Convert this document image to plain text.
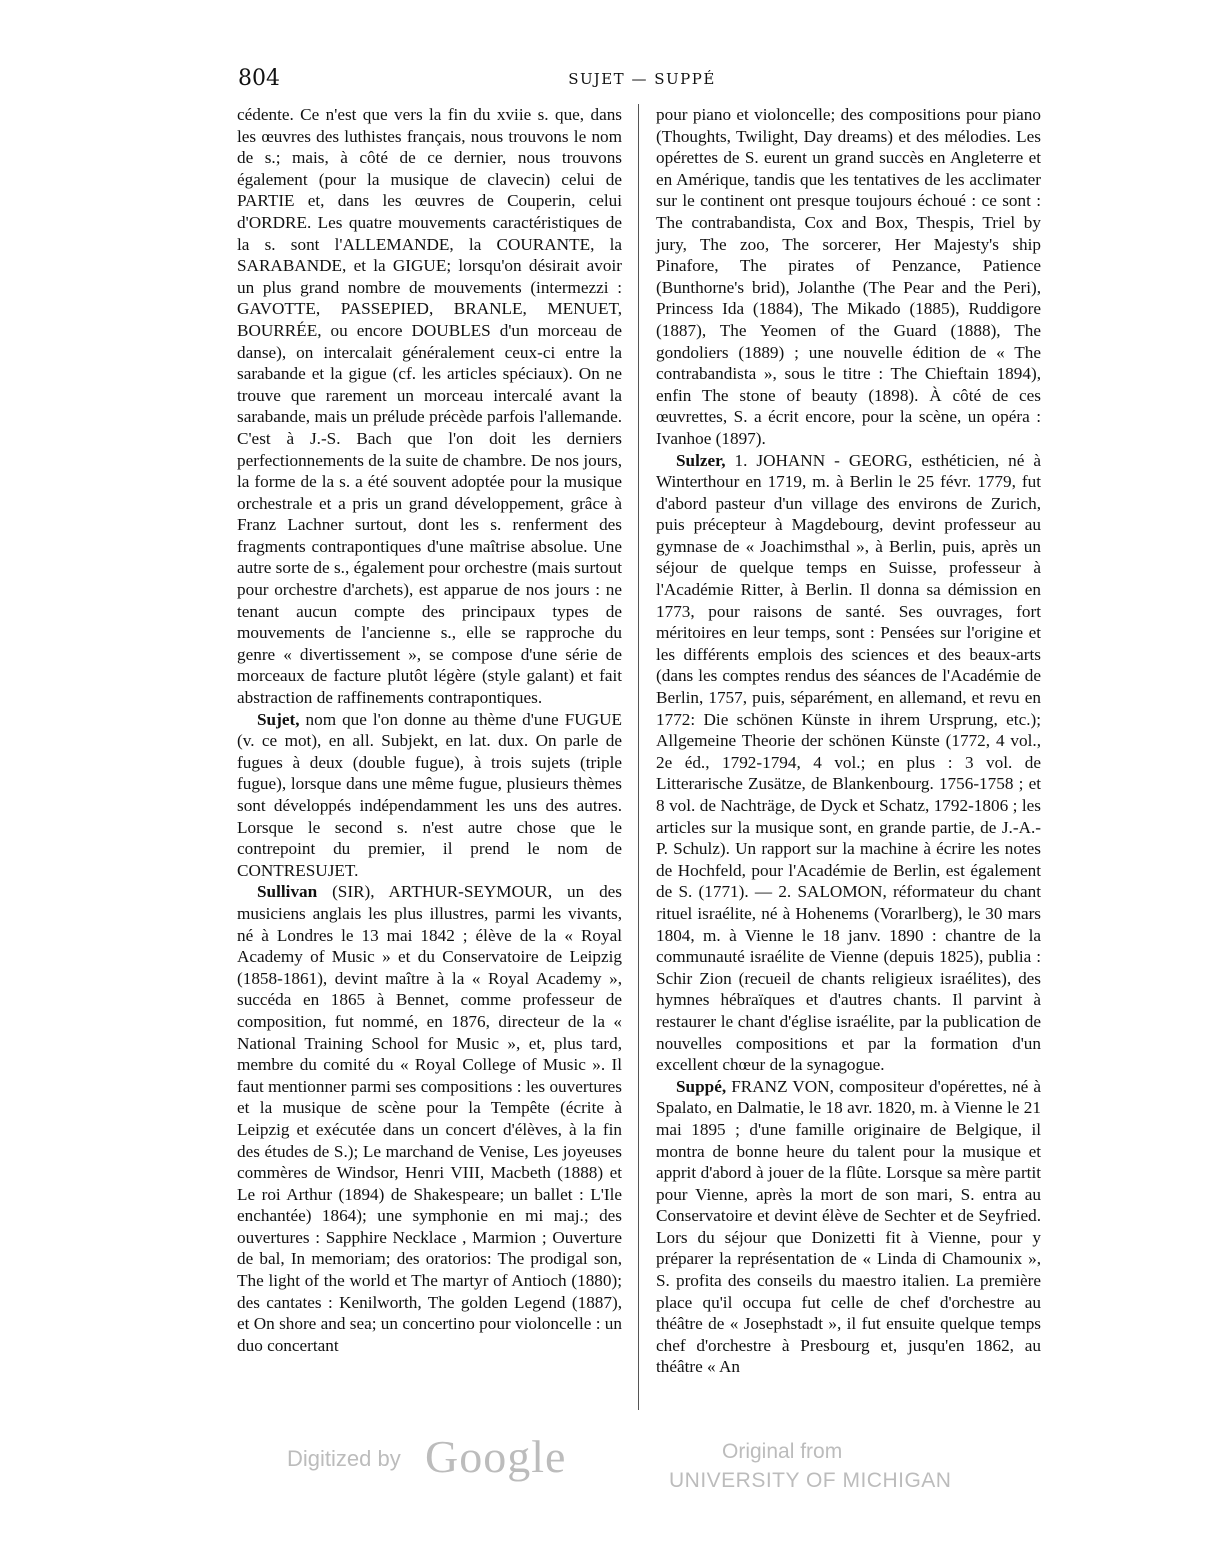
804	SUJET — SUPPÉ

cédente. Ce n'est que vers la fin du xviie s. que, dans les œuvres des luthistes français, nous trouvons le nom de s.; mais, à côté de ce dernier, nous trouvons également (pour la musique de clavecin) celui de PARTIE et, dans les œuvres de Couperin, celui d'ORDRE. Les quatre mouvements caractéristiques de la s. sont l'ALLEMANDE, la COURANTE, la SARABANDE, et la GIGUE; lorsqu'on désirait avoir un plus grand nombre de mouvements (intermezzi : GAVOTTE, PASSEPIED, BRANLE, MENUET, BOURRÉE, ou encore DOUBLES d'un morceau de danse), on intercalait généralement ceux-ci entre la sarabande et la gigue (cf. les articles spéciaux). On ne trouve que rarement un morceau intercalé avant la sarabande, mais un prélude précède parfois l'allemande. C'est à J.-S. Bach que l'on doit les derniers perfectionnements de la suite de chambre. De nos jours, la forme de la s. a été souvent adoptée pour la musique orchestrale et a pris un grand développement, grâce à Franz Lachner surtout, dont les s. renferment des fragments contrapontiques d'une maîtrise absolue. Une autre sorte de s., également pour orchestre (mais surtout pour orchestre d'archets), est apparue de nos jours : ne tenant aucun compte des principaux types de mouvements de l'ancienne s., elle se rapproche du genre « divertissement », se compose d'une série de morceaux de facture plutôt légère (style galant) et fait abstraction de raffinements contrapontiques.

Sujet, nom que l'on donne au thème d'une FUGUE (v. ce mot), en all. Subjekt, en lat. dux. On parle de fugues à deux (double fugue), à trois sujets (triple fugue), lorsque dans une même fugue, plusieurs thèmes sont développés indépendamment les uns des autres. Lorsque le second s. n'est autre chose que le contrepoint du premier, il prend le nom de CONTRESUJET.

Sullivan (SIR), ARTHUR-SEYMOUR, un des musiciens anglais les plus illustres, parmi les vivants, né à Londres le 13 mai 1842 ; élève de la « Royal Academy of Music » et du Conservatoire de Leipzig (1858-1861), devint maître à la « Royal Academy », succéda en 1865 à Bennet, comme professeur de composition, fut nommé, en 1876, directeur de la « National Training School for Music », et, plus tard, membre du comité du « Royal College of Music ». Il faut mentionner parmi ses compositions : les ouvertures et la musique de scène pour la Tempête (écrite à Leipzig et exécutée dans un concert d'élèves, à la fin des études de S.); Le marchand de Venise, Les joyeuses commères de Windsor, Henri VIII, Macbeth (1888) et Le roi Arthur (1894) de Shakespeare; un ballet : L'Ile enchantée) 1864); une symphonie en mi maj.; des ouvertures : Sapphire Necklace , Marmion ; Ouverture de bal, In memoriam; des oratorios: The prodigal son, The light of the world et The martyr of Antioch (1880); des cantates : Kenilworth, The golden Legend (1887), et On shore and sea; un concertino pour violoncelle : un duo concertant

pour piano et violoncelle; des compositions pour piano (Thoughts, Twilight, Day dreams) et des mélodies. Les opérettes de S. eurent un grand succès en Angleterre et en Amérique, tandis que les tentatives de les acclimater sur le continent ont presque toujours échoué : ce sont : The contrabandista, Cox and Box, Thespis, Triel by jury, The zoo, The sorcerer, Her Majesty's ship Pinafore, The pirates of Penzance, Patience (Bunthorne's brid), Jolanthe (The Pear and the Peri), Princess Ida (1884), The Mikado (1885), Ruddigore (1887), The Yeomen of the Guard (1888), The gondoliers (1889) ; une nouvelle édition de « The contrabandista », sous le titre : The Chieftain 1894), enfin The stone of beauty (1898). À côté de ces œuvrettes, S. a écrit encore, pour la scène, un opéra : Ivanhoe (1897).

Sulzer, 1. JOHANN - GEORG, esthéticien, né à Winterthour en 1719, m. à Berlin le 25 févr. 1779, fut d'abord pasteur d'un village des environs de Zurich, puis précepteur à Magdebourg, devint professeur au gymnase de « Joachimsthal », à Berlin, puis, après un séjour de quelque temps en Suisse, professeur à l'Académie Ritter, à Berlin. Il donna sa démission en 1773, pour raisons de santé. Ses ouvrages, fort méritoires en leur temps, sont : Pensées sur l'origine et les différents emplois des sciences et des beaux-arts (dans les comptes rendus des séances de l'Académie de Berlin, 1757, puis, séparément, en allemand, et revu en 1772: Die schönen Künste in ihrem Ursprung, etc.); Allgemeine Theorie der schönen Künste (1772, 4 vol., 2e éd., 1792-1794, 4 vol.; en plus : 3 vol. de Litterarische Zusätze, de Blankenbourg. 1756-1758 ; et 8 vol. de Nachträge, de Dyck et Schatz, 1792-1806 ; les articles sur la musique sont, en grande partie, de J.-A.-P. Schulz). Un rapport sur la machine à écrire les notes de Hochfeld, pour l'Académie de Berlin, est également de S. (1771). — 2. SALOMON, réformateur du chant rituel israélite, né à Hohenems (Vorarlberg), le 30 mars 1804, m. à Vienne le 18 janv. 1890 : chantre de la communauté israélite de Vienne (depuis 1825), publia : Schir Zion (recueil de chants religieux israélites), des hymnes hébraïques et d'autres chants. Il parvint à restaurer le chant d'église israélite, par la publication de nouvelles compositions et par la formation d'un excellent chœur de la synagogue.

Suppé, FRANZ VON, compositeur d'opérettes, né à Spalato, en Dalmatie, le 18 avr. 1820, m. à Vienne le 21 mai 1895 ; d'une famille originaire de Belgique, il montra de bonne heure du talent pour la musique et apprit d'abord à jouer de la flûte. Lorsque sa mère partit pour Vienne, après la mort de son mari, S. entra au Conservatoire et devint élève de Sechter et de Seyfried. Lors du séjour que Donizetti fit à Vienne, pour y préparer la représentation de « Linda di Chamounix », S. profita des conseils du maestro italien. La première place qu'il occupa fut celle de chef d'orchestre au théâtre de « Josephstadt », il fut ensuite quelque temps chef d'orchestre à Presbourg et, jusqu'en 1862, au théâtre « An

Digitized by Google	Original from
UNIVERSITY OF MICHIGAN
